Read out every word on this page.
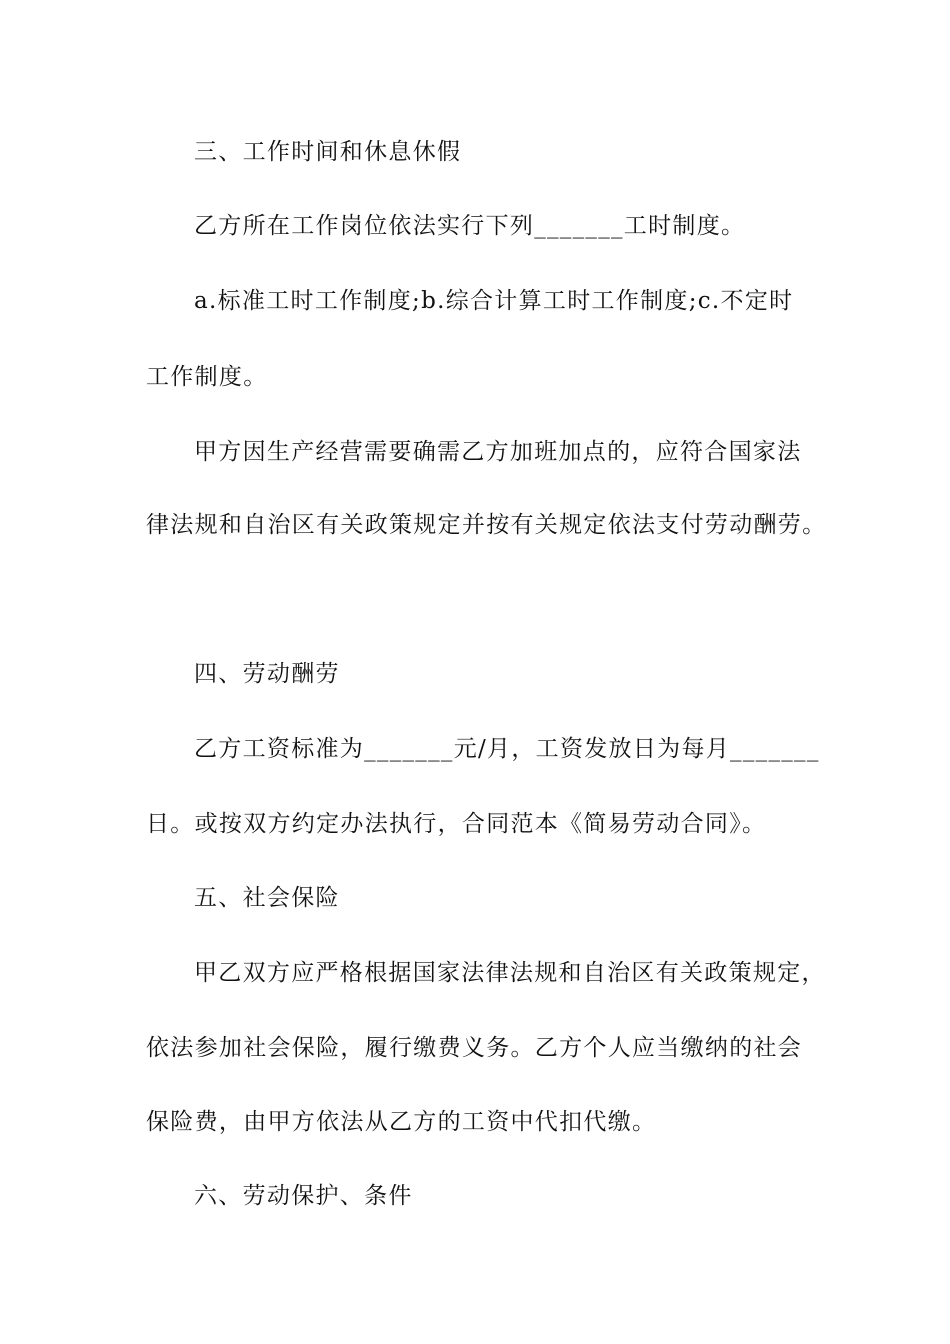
三、工作时间和休息休假
乙方所在工作岗位依法实行下列_______工时制度。
a.标准工时工作制度;b.综合计算工时工作制度;c.不定时
工作制度。
甲方因生产经营需要确需乙方加班加点的，应符合国家法
律法规和自治区有关政策规定并按有关规定依法支付劳动酬劳。
四、劳动酬劳
乙方工资标准为_______元/月，工资发放日为每月_______
日。或按双方约定办法执行，合同范本《简易劳动合同》。
五、社会保险
甲乙双方应严格根据国家法律法规和自治区有关政策规定，
依法参加社会保险，履行缴费义务。乙方个人应当缴纳的社会
保险费，由甲方依法从乙方的工资中代扣代缴。
六、劳动保护、条件
